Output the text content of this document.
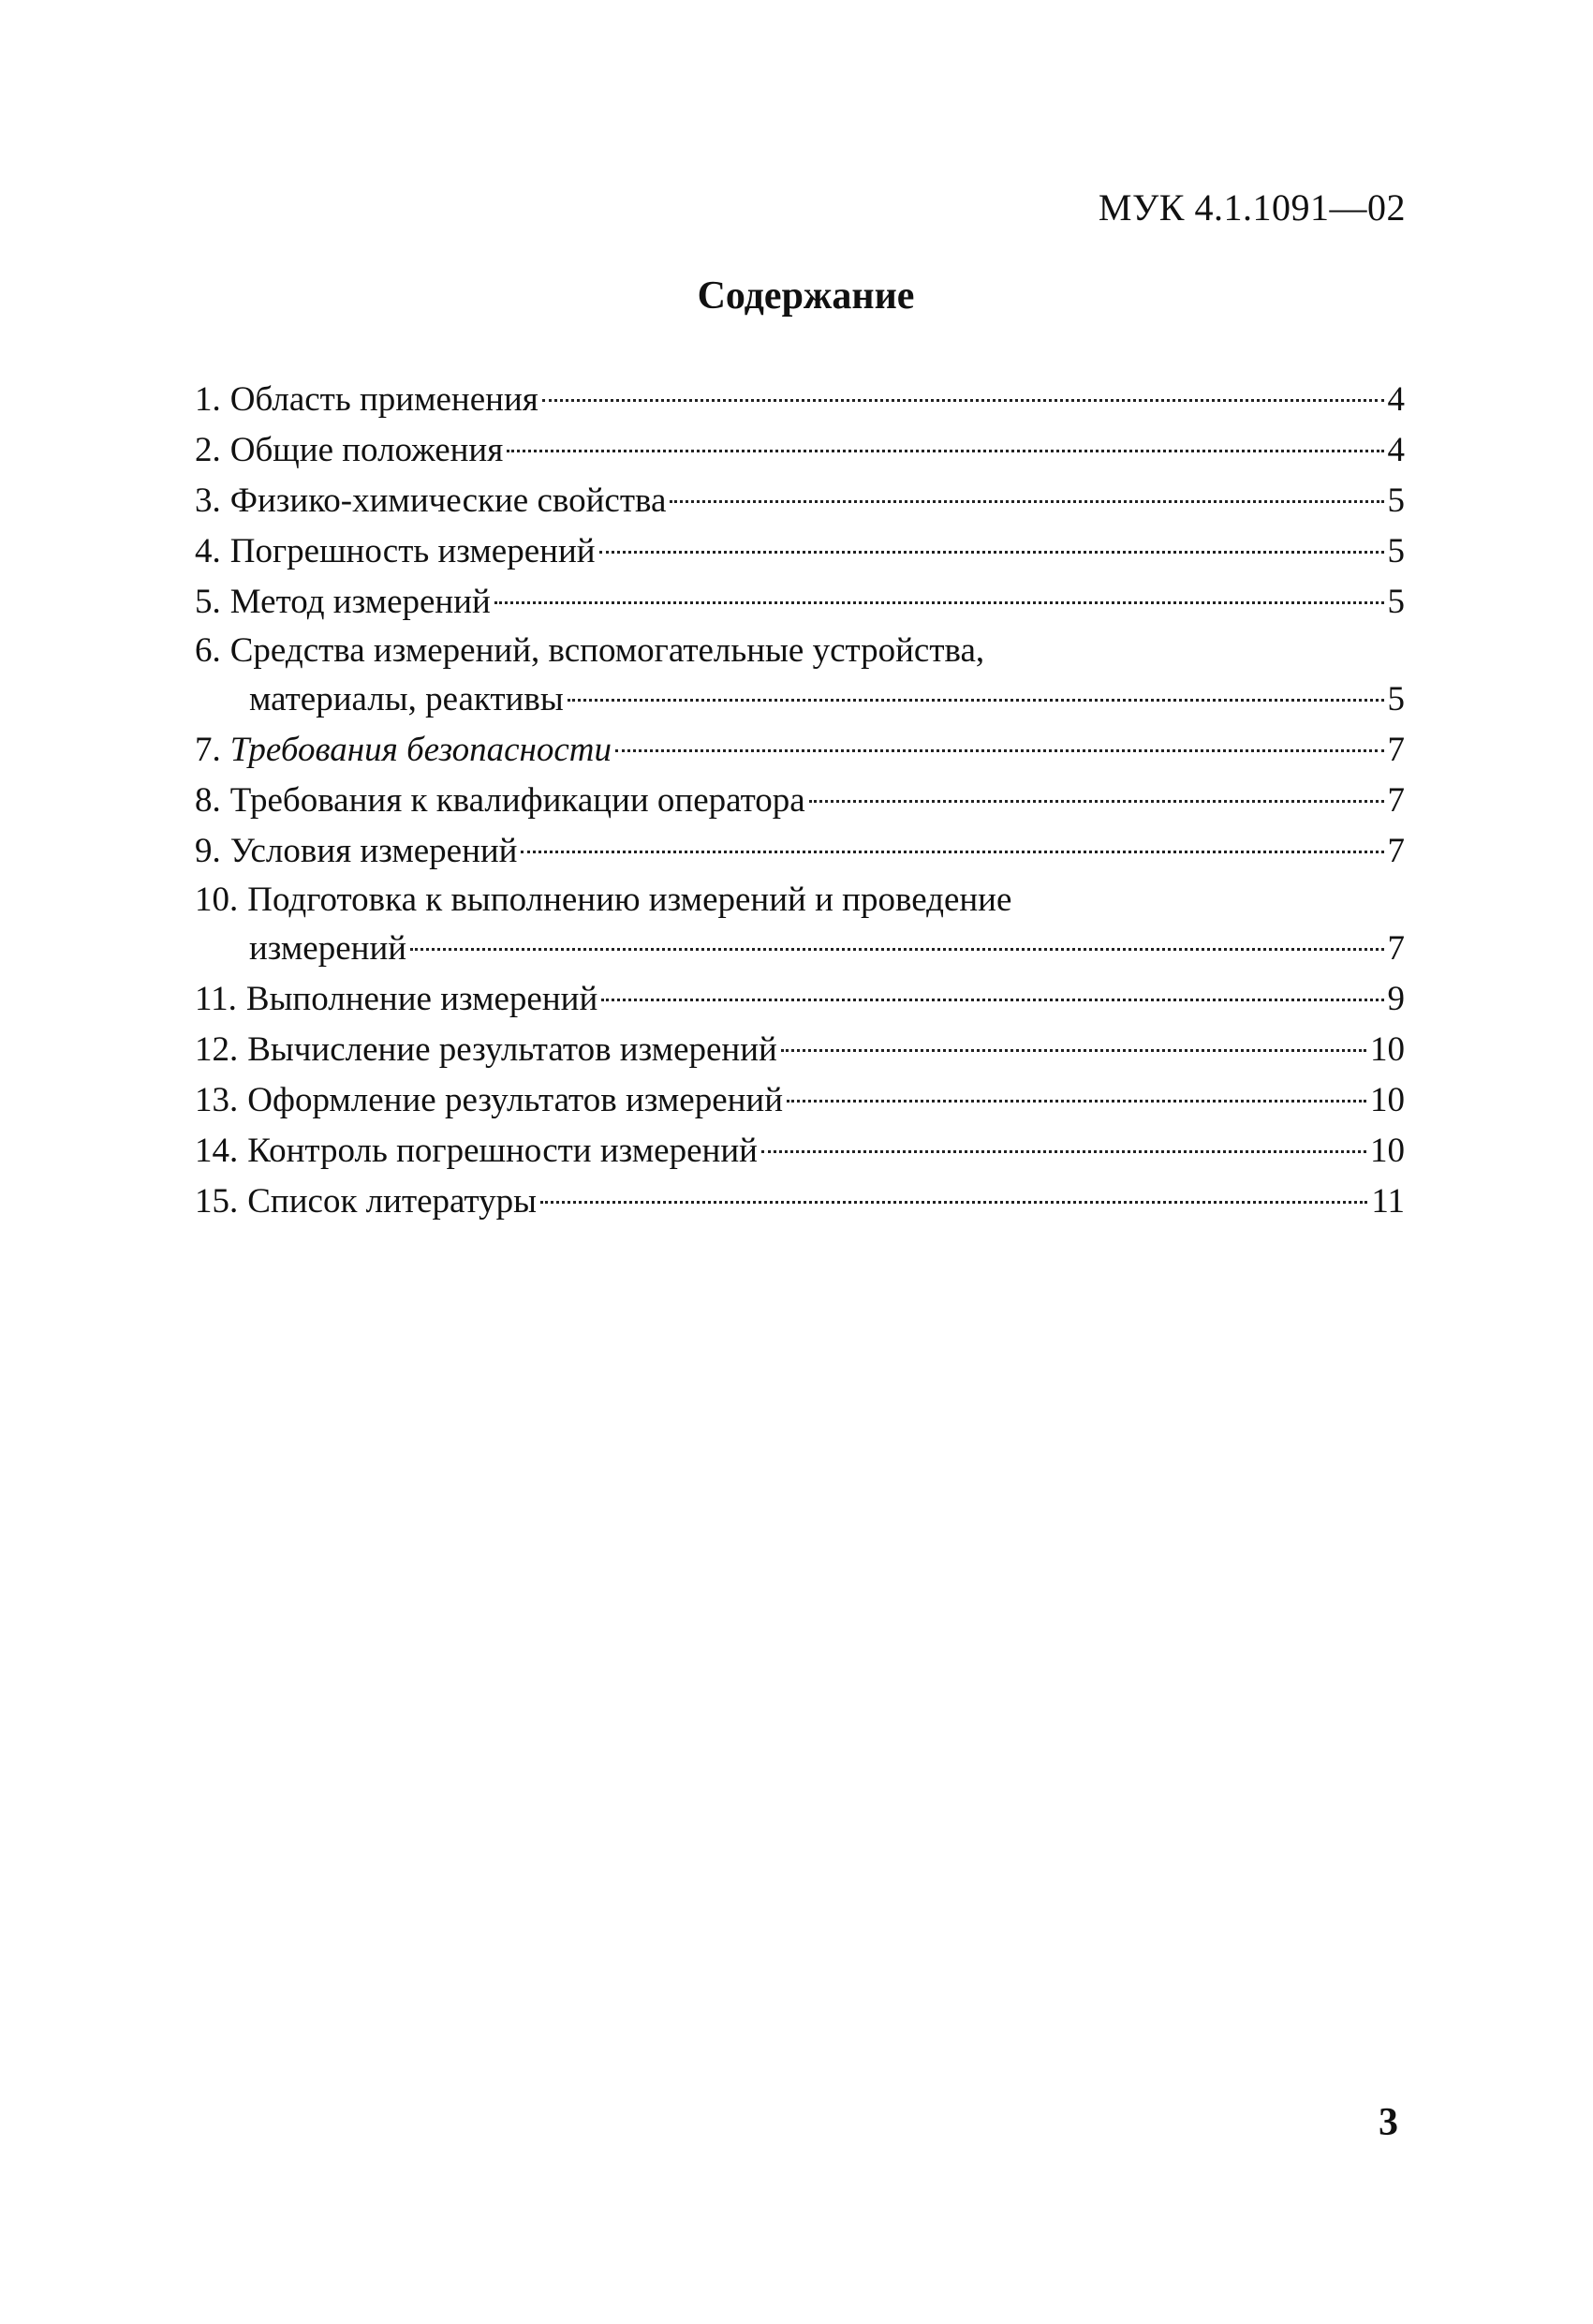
МУК 4.1.1091—02
Содержание
1. Область применения	4
2. Общие положения	4
3. Физико-химические свойства	5
4. Погрешность измерений	5
5. Метод измерений	5
6. Средства измерений, вспомогательные устройства,
материалы, реактивы	5
7. Требования безопасности	7
8. Требования к квалификации оператора	7
9. Условия измерений	7
10. Подготовка к выполнению измерений и проведение
измерений	7
11. Выполнение измерений	9
12. Вычисление результатов измерений	10
13. Оформление результатов измерений	10
14. Контроль погрешности измерений	10
15. Список литературы	11
3
